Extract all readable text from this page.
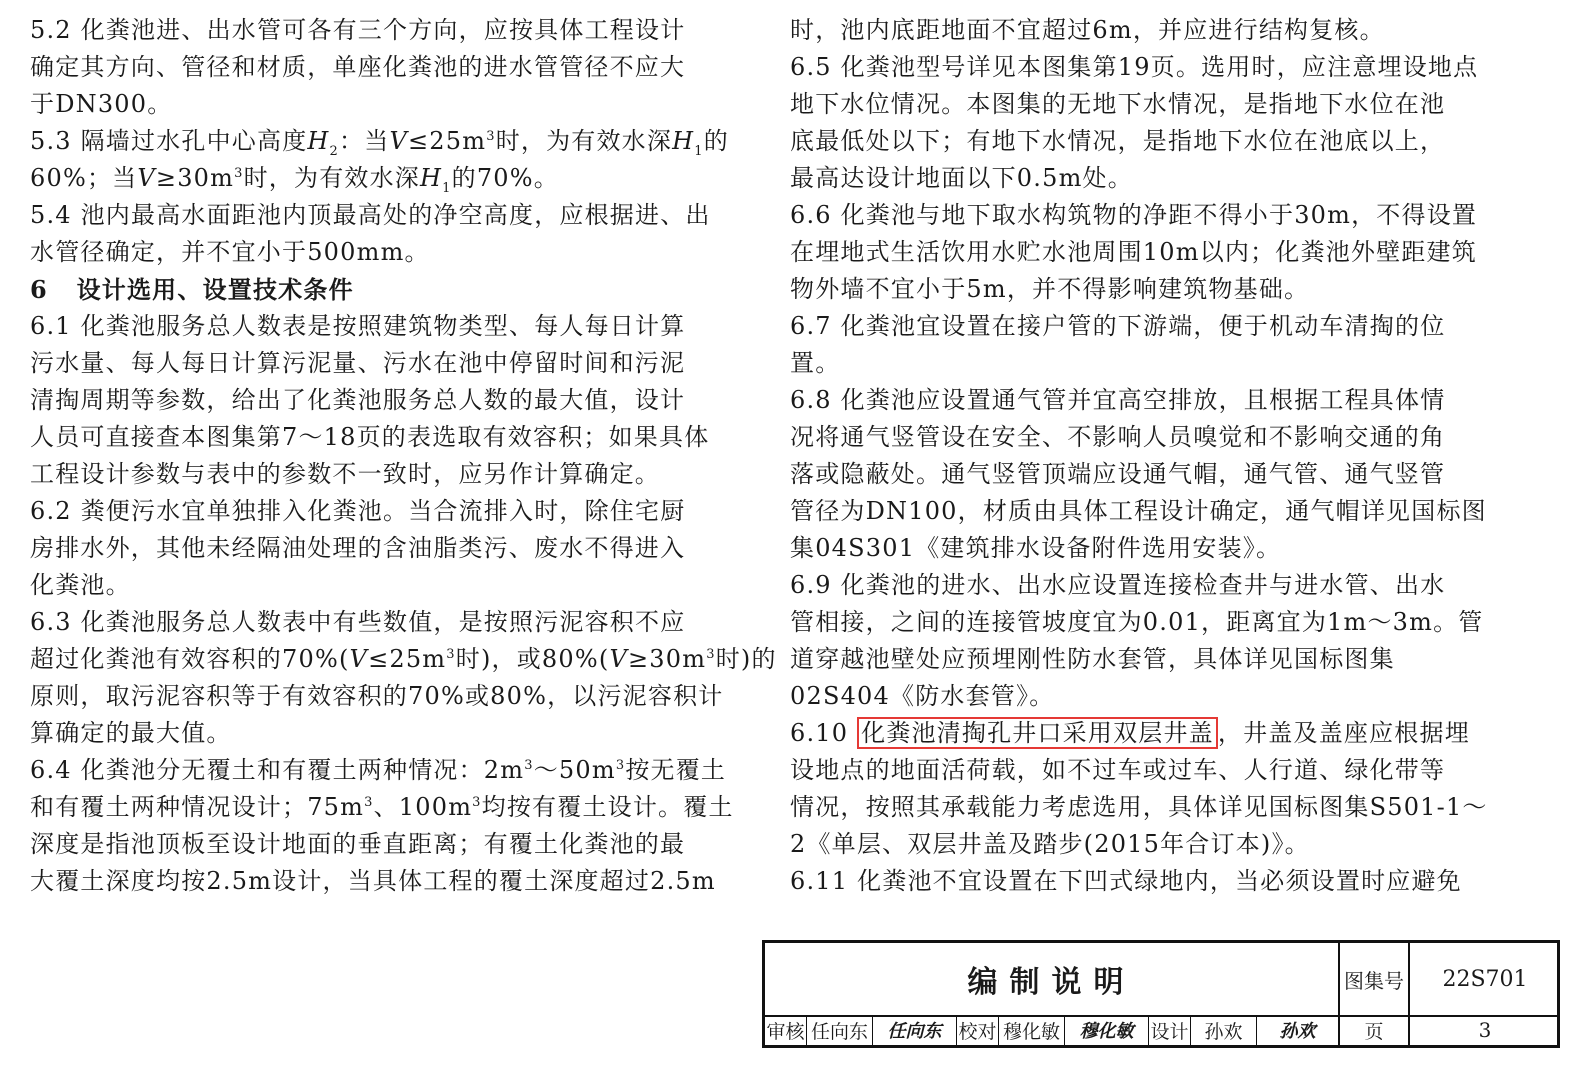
5.2 化粪池进、出水管可各有三个方向，应按具体工程设计

确定其方向、管径和材质，单座化粪池的进水管管径不应大

于DN300。

5.3 隔墙过水孔中心高度$H_2$：当$V\le 25m^3$时，为有效水深$H_1$的

60%；当$V\ge 30m^3$时，为有效水深$H_1$的70%。

5.4 池内最高水面距池内顶最高处的净空高度，应根据进、出

水管径确定，并不宜小于500mm。

6 设计选用、设置技术条件

6.1 化粪池服务总人数表是按照建筑物类型、每人每日计算

污水量、每人每日计算污泥量、污水在池中停留时间和污泥

清掏周期等参数，给出了化粪池服务总人数的最大值，设计

人员可直接查本图集第7～18页的表选取有效容积；如果具体

工程设计参数与表中的参数不一致时，应另作计算确定。

6.2 粪便污水宜单独排入化粪池。当合流排入时，除住宅厨

房排水外，其他未经隔油处理的含油脂类污、废水不得进入

化粪池。

6.3 化粪池服务总人数表中有些数值，是按照污泥容积不应

超过化粪池有效容积的$70\%(V\le 25m^3$时)，或$80\%(V\ge 30m^3$时)的

原则，取污泥容积等于有效容积的70%或80%，以污泥容积计

算确定的最大值。

6.4 化粪池分无覆土和有覆土两种情况：$2m^3\sim 50m^3$按无覆土

和有覆土两种情况设计；$75m^3$、$100m^3$均按有覆土设计。覆土

深度是指池顶板至设计地面的垂直距离；有覆土化粪池的最

大覆土深度均按2.5m设计，当具体工程的覆土深度超过2.5m

时，池内底距地面不宜超过6m，并应进行结构复核。

6.5 化粪池型号详见本图集第19页。选用时，应注意埋设地点

地下水位情况。本图集的无地下水情况，是指地下水位在池

底最低处以下；有地下水情况，是指地下水位在池底以上，

最高达设计地面以下0.5m处。

6.6 化粪池与地下取水构筑物的净距不得小于30m，不得设置

在埋地式生活饮用水贮水池周围10m以内；化粪池外壁距建筑

物外墙不宜小于5m，并不得影响建筑物基础。

6.7 化粪池宜设置在接户管的下游端，便于机动车清掏的位

置。

6.8 化粪池应设置通气管并宜高空排放，且根据工程具体情

况将通气竖管设在安全、不影响人员嗅觉和不影响交通的角

落或隐蔽处。通气竖管顶端应设通气帽，通气管、通气竖管

管径为DN100，材质由具体工程设计确定，通气帽详见国标图

集04S301《建筑排水设备附件选用安装》。

6.9 化粪池的进水、出水应设置连接检查井与进水管、出水

管相接，之间的连接管坡度宜为0.01，距离宜为1m～3m。管

道穿越池壁处应预埋刚性防水套管，具体详见国标图集

02S404《防水套管》。

6.10 化粪池清掏孔井口采用双层井盖 ，井盖及盖座应根据埋

设地点的地面活荷载，如不过车或过车、人行道、绿化带等

情况，按照其承载能力考虑选用，具体详见国标图集S501-1～

2《单层、双层井盖及踏步(2015年合订本)》。

6.11 化粪池不宜设置在下凹式绿地内，当必须设置时应避免

编制说明	图集号	22S701
审核 任向东	任向东 校对 穆化敏	穆化敏 设计 孙欢	孙欢	页	3
